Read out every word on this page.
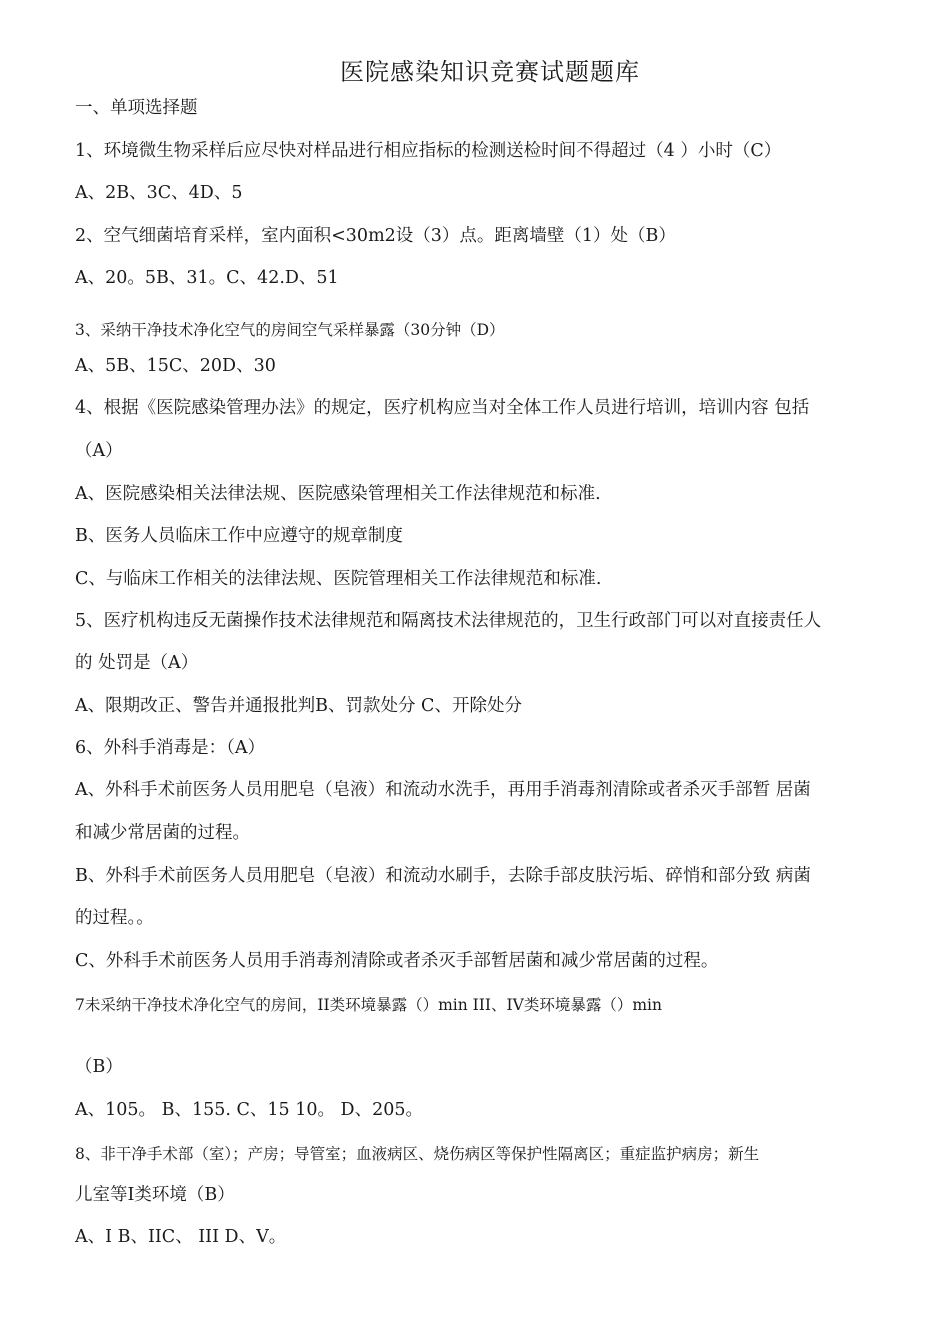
医院感染知识竞赛试题题库
一、单项选择题
1、环境微生物采样后应尽快对样品进行相应指标的检测送检时间不得超过（4 ）小时（C）
A、2B、3C、4D、5
2、空气细菌培育采样，室内面积<30m2设（3）点。距离墙壁（1）处（B）
A、20。5B、31。C、42.D、51
3、采纳干净技术净化空气的房间空气采样暴露（30分钟（D）
A、5B、15C、20D、30
4、根据《医院感染管理办法》的规定，医疗机构应当对全体工作人员进行培训，培训内容 包括
（A）
A、医院感染相关法律法规、医院感染管理相关工作法律规范和标准.
B、医务人员临床工作中应遵守的规章制度
C、与临床工作相关的法律法规、医院管理相关工作法律规范和标准.
5、医疗机构违反无菌操作技术法律规范和隔离技术法律规范的，卫生行政部门可以对直接责任人
的 处罚是（A）
A、限期改正、警告并通报批判B、罚款处分 C、开除处分
6、外科手消毒是：（A）
A、外科手术前医务人员用肥皂（皂液）和流动水洗手，再用手消毒剂清除或者杀灭手部暂 居菌
和减少常居菌的过程。
B、外科手术前医务人员用肥皂（皂液）和流动水刷手，去除手部皮肤污垢、碎悄和部分致 病菌
的过程。。
C、外科手术前医务人员用手消毒剂清除或者杀灭手部暂居菌和减少常居菌的过程。
7未采纳干净技术净化空气的房间，II类环境暴露（）min III、IV类环境暴露（）min
（B）
A、105。 B、155. C、15 10。 D、205。
8、非干净手术部（室）；产房；导管室；血液病区、烧伤病区等保护性隔离区；重症监护病房；新生
儿室等I类环境（B）
A、I B、IIC、 III D、V。
